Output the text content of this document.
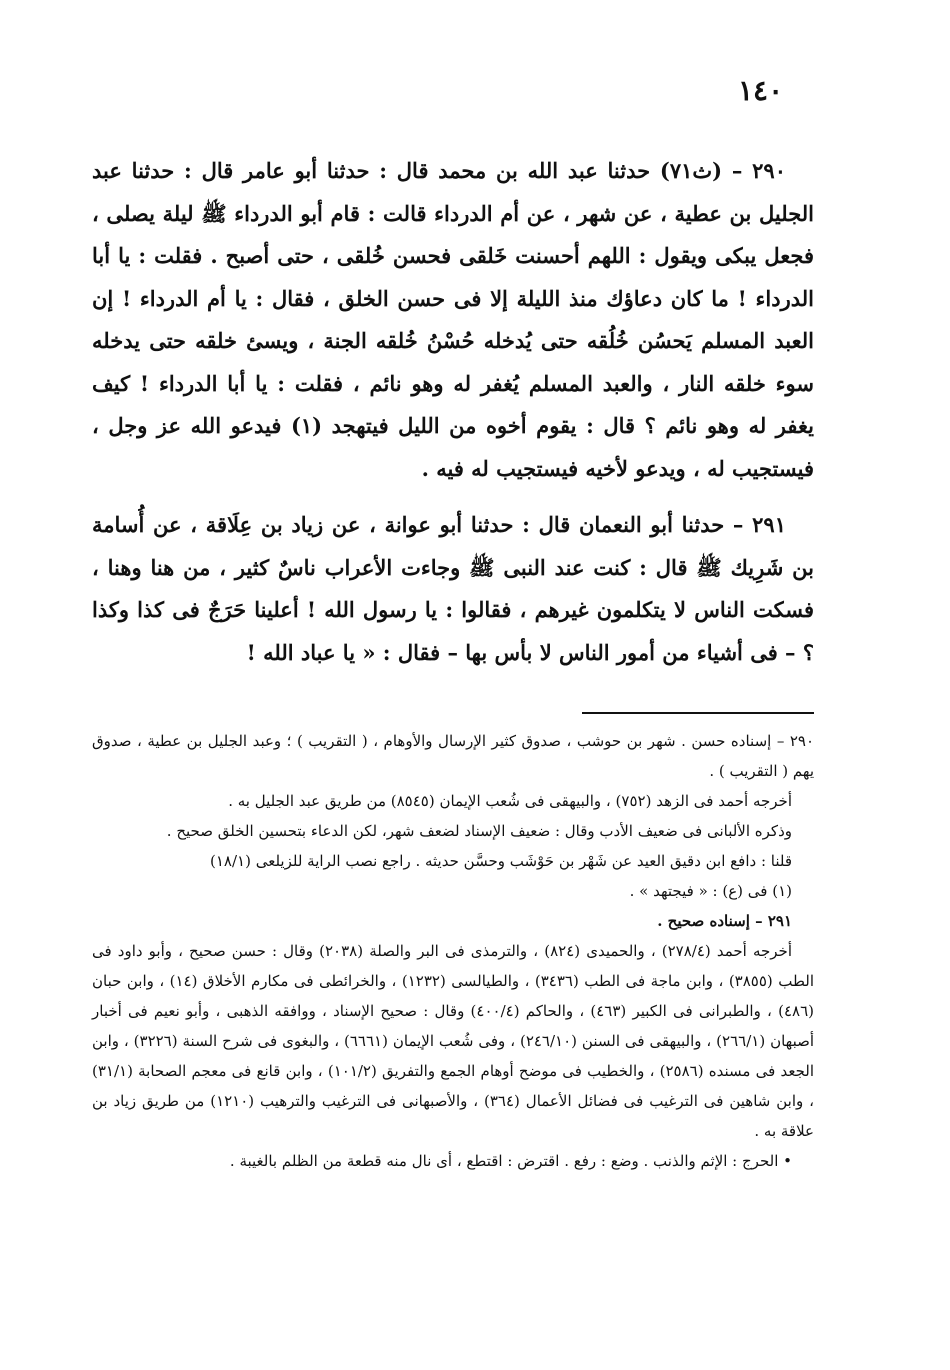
١٤٠

٢٩٠ – (ث٧١) حدثنا عبد الله بن محمد قال : حدثنا أبو عامر قال : حدثنا عبد الجليل بن عطية ، عن شهر ، عن أم الدرداء قالت : قام أبو الدرداء ﷺ ليلة يصلى ، فجعل يبكى ويقول : اللهم أحسنت خَلقى فحسن خُلقى ، حتى أصبح . فقلت : يا أبا الدرداء ! ما كان دعاؤك منذ الليلة إلا فى حسن الخلق ، فقال : يا أم الدرداء ! إن العبد المسلم يَحسُن خُلُقه حتى يُدخله حُسْنُ خُلقه الجنة ، ويسئ خلقه حتى يدخله سوء خلقه النار ، والعبد المسلم يُغفر له وهو نائم ، فقلت : يا أبا الدرداء ! كيف يغفر له وهو نائم ؟ قال : يقوم أخوه من الليل فيتهجد (١) فيدعو الله عز وجل ، فيستجيب له ، ويدعو لأخيه فيستجيب له فيه .

٢٩١ – حدثنا أبو النعمان قال : حدثنا أبو عوانة ، عن زياد بن عِلَاقة ، عن أُسامة بن شَرِيك ﷺ قال : كنت عند النبى ﷺ وجاءت الأعراب ناسٌ كثير ، من هنا وهنا ، فسكت الناس لا يتكلمون غيرهم ، فقالوا : يا رسول الله ! أعلينا حَرَجٌ فى كذا وكذا ؟ – فى أشياء من أمور الناس لا بأس بها – فقال : « يا عباد الله !

٢٩٠ – إسناده حسن . شهر بن حوشب ، صدوق كثير الإرسال والأوهام ، ( التقريب ) ؛ وعبد الجليل بن عطية ، صدوق يهم ( التقريب ) .

أخرجه أحمد فى الزهد (٧٥٢) ، والبيهقى فى شُعب الإيمان (٨٥٤٥) من طريق عبد الجليل به .

وذكره الألبانى فى ضعيف الأدب وقال : ضعيف الإسناد لضعف شهر، لكن الدعاء بتحسين الخلق صحيح .

قلنا : دافع ابن دقيق العيد عن شَهْر بن حَوْشَب وحسَّن حديثه . راجع نصب الراية للزيلعى (١٨/١)

(١) فى (ع) : « فيجتهد » .

٢٩١ – إسناده صحيح .

أخرجه أحمد (٢٧٨/٤) ، والحميدى (٨٢٤) ، والترمذى فى البر والصلة (٢٠٣٨) وقال : حسن صحيح ، وأبو داود فى الطب (٣٨٥٥) ، وابن ماجة فى الطب (٣٤٣٦) ، والطيالسى (١٢٣٢) ، والخرائطى فى مكارم الأخلاق (١٤) ، وابن حبان (٤٨٦) ، والطبرانى فى الكبير (٤٦٣) ، والحاكم (٤٠٠/٤) وقال : صحيح الإسناد ، ووافقه الذهبى ، وأبو نعيم فى أخبار أصبهان (٢٦٦/١) ، والبيهقى فى السنن (٢٤٦/١٠) ، وفى شُعب الإيمان (٦٦٦١) ، والبغوى فى شرح السنة (٣٢٢٦) ، وابن الجعد فى مسنده (٢٥٨٦) ، والخطيب فى موضح أوهام الجمع والتفريق (١٠١/٢) ، وابن قانع فى معجم الصحابة (٣١/١) ، وابن شاهين فى الترغيب فى فضائل الأعمال (٣٦٤) ، والأصبهانى فى الترغيب والترهيب (١٢١٠) من طريق زياد بن علاقة به .

• الحرج : الإثم والذنب . وضع : رفع . اقترض : اقتطع ، أى نال منه قطعة من الظلم بالغيبة .
